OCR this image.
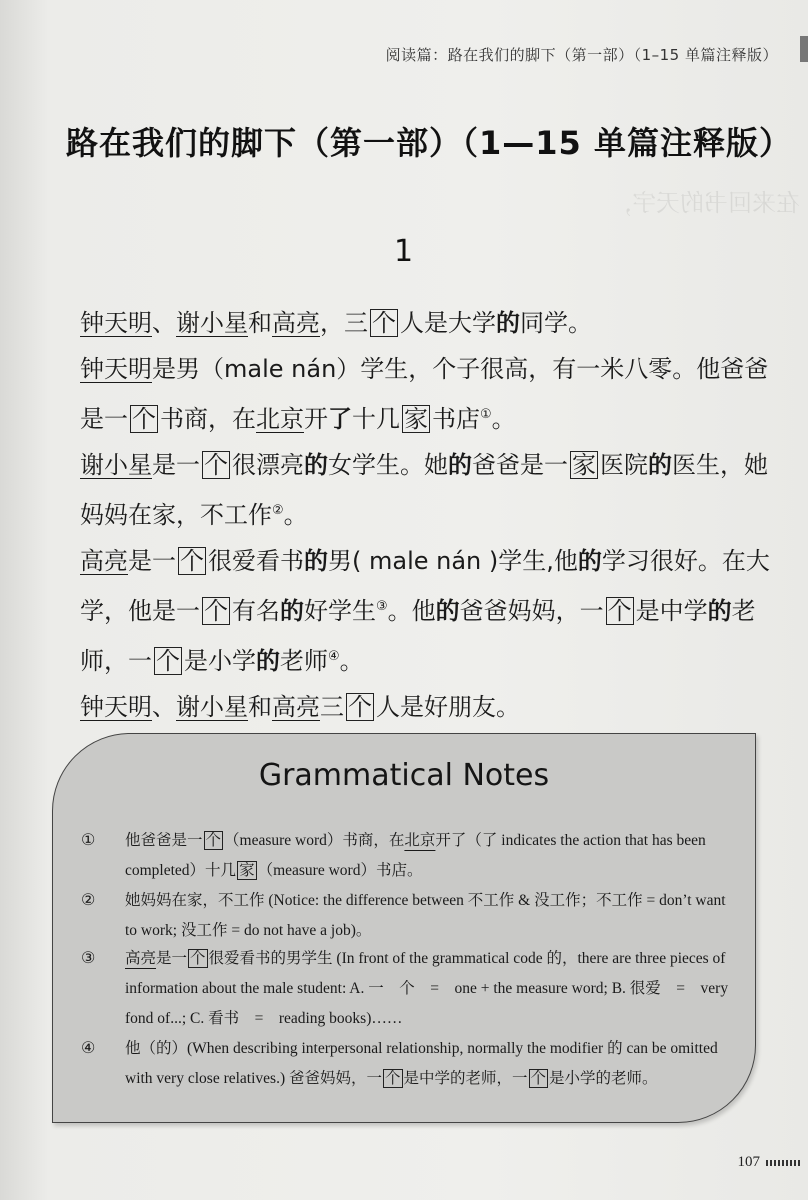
阅读篇：路在我们的脚下（第一部）（1–15 单篇注释版）
在来回书的天宇，
路在我们的脚下（第一部）（1—15 单篇注释版）
1

钟天明、谢小星和高亮，三 个 人是大学的同学。

钟天明是男（male nán）学生，个子很高，有一米八零。他爸爸是一 个 书商，在北京开了十几 家 书店①。

谢小星是一 个 很漂亮的女学生。她的爸爸是一 家 医院的医生，她妈妈在家，不工作②。

高亮是一 个 很爱看书的男( male nán )学生,他的学习很好。在大学，他是一 个 有名的好学生③。他的爸爸妈妈，一 个 是中学的老师，一 个 是小学的老师④。

钟天明、谢小星和高亮三 个 人是好朋友。

Grammatical Notes
①	他爸爸是一 个 （measure word）书商，在北京开了（了 indicates the action that has been completed）十几 家 （measure word）书店。
②	她妈妈在家，不工作 (Notice: the difference between 不工作 & 没工作；不工作 = don’t want to work; 没工作 = do not have a job)。
③	高亮是一 个 很爱看书的男学生 (In front of the grammatical code 的，there are three pieces of information about the male student: A. 一　个　=　one + the measure word; B. 很爱　=　very fond of...; C. 看书　=　reading books)……
④	他（的）(When describing interpersonal relationship, normally the modifier 的 can be omitted with very close relatives.) 爸爸妈妈，一 个 是中学的老师，一 个 是小学的老师。
107
